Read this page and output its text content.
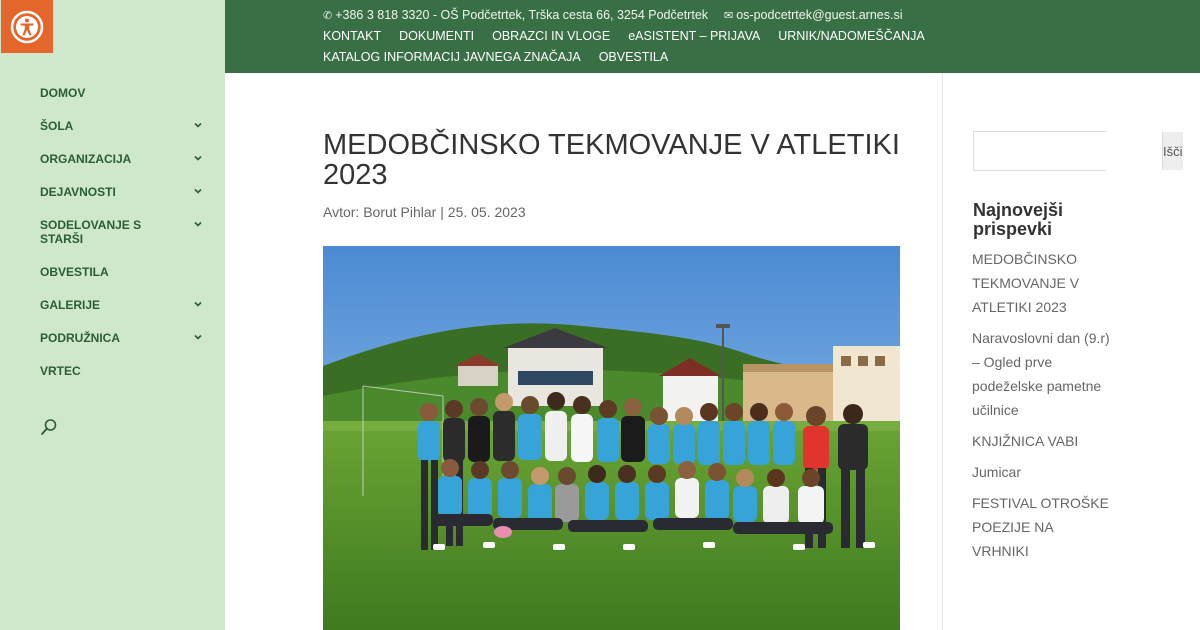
DOMOV
ŠOLA
ORGANIZACIJA
DEJAVNOSTI
SODELOVANJE S STARŠI
OBVESTILA
GALERIJE
PODRUŽNICA
VRTEC
✆ +386 3 818 3320 - OŠ Podčetrtek, Trška cesta 66, 3254 Podčetrtek ✉ os-podcetrtek@guest.arnes.si
KONTAKT DOKUMENTI OBRAZCI IN VLOGE eASISTENT – PRIJAVA URNIK/NADOMEŠČANJA
KATALOG INFORMACIJ JAVNEGA ZNAČAJA OBVESTILA
MEDOBČINSKO TEKMOVANJE V ATLETIKI 2023
Avtor: Borut Pihlar | 25. 05. 2023
Išči
Najnovejši prispevki
MEDOBČINSKO TEKMOVANJE V ATLETIKI 2023
Naravoslovni dan (9.r) – Ogled prve podeželske pametne učilnice
KNJIŽNICA VABI
Jumicar
FESTIVAL OTROŠKE POEZIJE NA VRHNIKI
